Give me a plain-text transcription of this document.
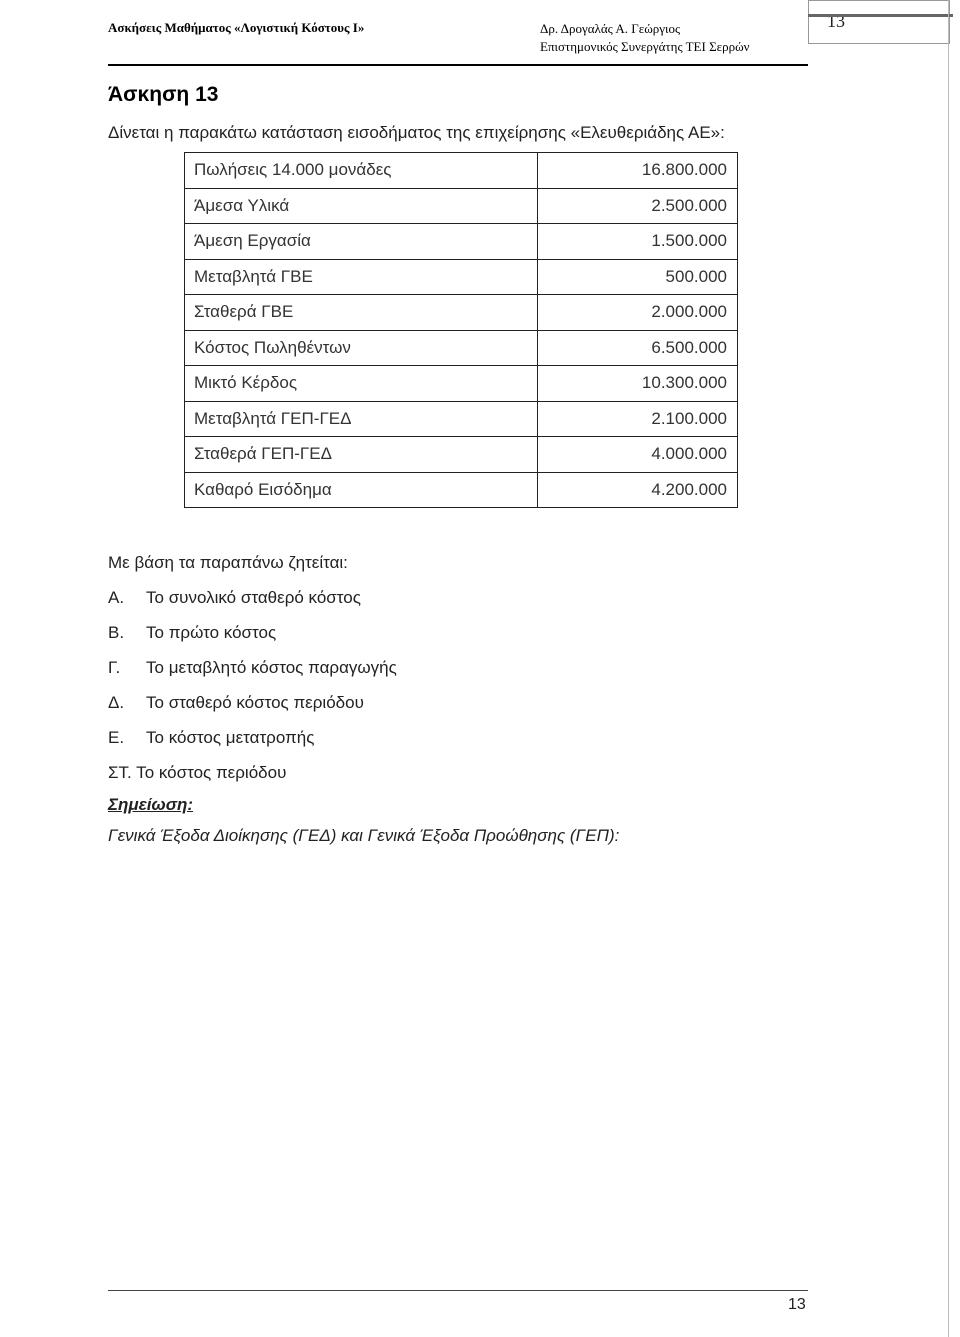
Ασκήσεις Μαθήματος «Λογιστική Κόστους Ι»	Δρ. Δρογαλάς Α. Γεώργιος
Επιστημονικός Συνεργάτης ΤΕΙ Σερρών
13
Άσκηση 13
Δίνεται η παρακάτω κατάσταση εισοδήματος της επιχείρησης «Ελευθεριάδης ΑΕ»:
Πωλήσεις 14.000 μονάδες	16.800.000
Άμεσα Υλικά	2.500.000
Άμεση Εργασία	1.500.000
Μεταβλητά ΓΒΕ	500.000
Σταθερά ΓΒΕ	2.000.000
Κόστος Πωληθέντων	6.500.000
Μικτό Κέρδος	10.300.000
Μεταβλητά ΓΕΠ-ΓΕΔ	2.100.000
Σταθερά ΓΕΠ-ΓΕΔ	4.000.000
Καθαρό Εισόδημα	4.200.000
Με βάση τα παραπάνω ζητείται:
Α. Το συνολικό σταθερό κόστος
Β. Το πρώτο κόστος
Γ. Το μεταβλητό κόστος παραγωγής
Δ. Το σταθερό κόστος περιόδου
Ε. Το κόστος μετατροπής
ΣΤ. Το κόστος περιόδου
Σημείωση:
Γενικά Έξοδα Διοίκησης (ΓΕΔ) και Γενικά Έξοδα Προώθησης (ΓΕΠ):
13
